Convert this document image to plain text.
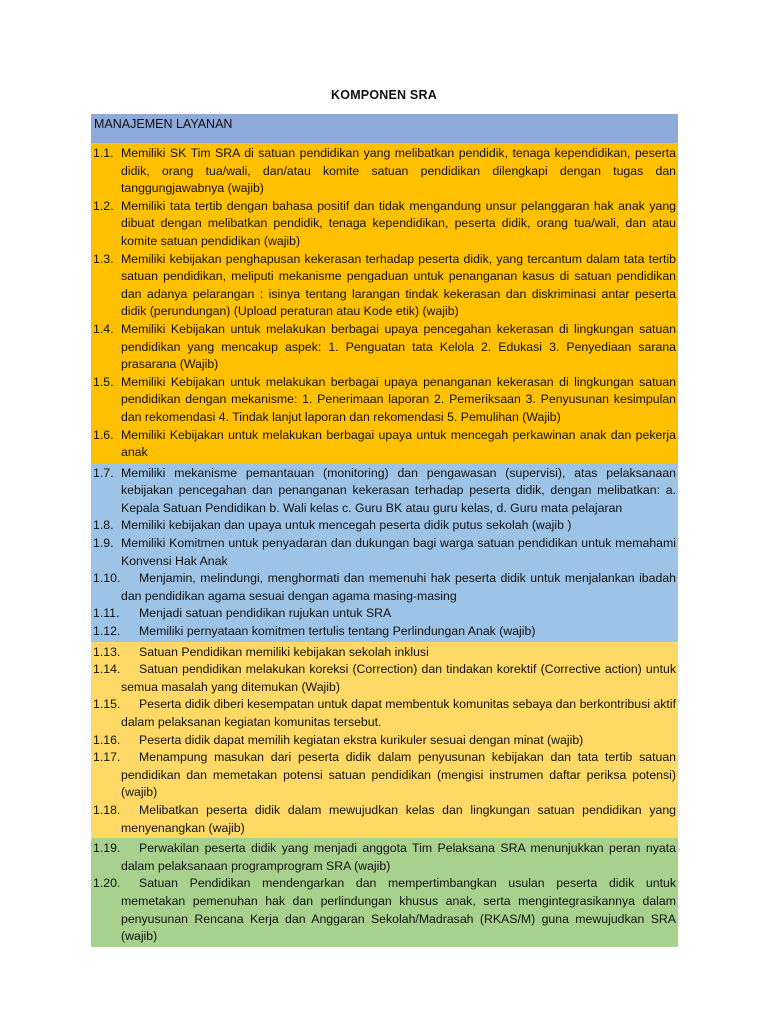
KOMPONEN SRA
MANAJEMEN LAYANAN
1.1. Memiliki SK Tim SRA di satuan pendidikan yang melibatkan pendidik, tenaga kependidikan, peserta didik, orang tua/wali, dan/atau komite satuan pendidikan dilengkapi dengan tugas dan tanggungjawabnya (wajib)
1.2. Memiliki tata tertib dengan bahasa positif dan tidak mengandung unsur pelanggaran hak anak yang dibuat dengan melibatkan pendidik, tenaga kependidikan, peserta didik, orang tua/wali, dan atau komite satuan pendidikan (wajib)
1.3. Memiliki kebijakan penghapusan kekerasan terhadap peserta didik, yang tercantum dalam tata tertib satuan pendidikan, meliputi mekanisme pengaduan untuk penanganan kasus di satuan pendidikan dan adanya pelarangan : isinya tentang larangan tindak kekerasan dan diskriminasi antar peserta didik (perundungan) (Upload peraturan atau Kode etik) (wajib)
1.4. Memiliki Kebijakan untuk melakukan berbagai upaya pencegahan kekerasan di lingkungan satuan pendidikan yang mencakup aspek: 1. Penguatan tata Kelola 2. Edukasi 3. Penyediaan sarana prasarana (Wajib)
1.5. Memiliki Kebijakan untuk melakukan berbagai upaya penanganan kekerasan di lingkungan satuan pendidikan dengan mekanisme: 1. Penerimaan laporan 2. Pemeriksaan 3. Penyusunan kesimpulan dan rekomendasi 4. Tindak lanjut laporan dan rekomendasi 5. Pemulihan (Wajib)
1.6. Memiliki Kebijakan untuk melakukan berbagai upaya untuk mencegah perkawinan anak dan pekerja anak
1.7. Memiliki mekanisme pemantauan (monitoring) dan pengawasan (supervisi), atas pelaksanaan kebijakan pencegahan dan penanganan kekerasan terhadap peserta didik, dengan melibatkan: a. Kepala Satuan Pendidikan b. Wali kelas c. Guru BK atau guru kelas, d. Guru mata pelajaran
1.8. Memiliki kebijakan dan upaya untuk mencegah peserta didik putus sekolah (wajib )
1.9. Memiliki Komitmen untuk penyadaran dan dukungan bagi warga satuan pendidikan untuk memahami Konvensi Hak Anak
1.10.	Menjamin, melindungi, menghormati dan memenuhi hak peserta didik untuk menjalankan ibadah dan pendidikan agama sesuai dengan agama masing-masing
1.11.	Menjadi satuan pendidikan rujukan untuk SRA
1.12.	Memiliki pernyataan komitmen tertulis tentang Perlindungan Anak (wajib)
1.13.	Satuan Pendidikan memiliki kebijakan sekolah inklusi
1.14.	Satuan pendidikan melakukan koreksi (Correction) dan tindakan korektif (Corrective action) untuk semua masalah yang ditemukan (Wajib)
1.15.	Peserta didik diberi kesempatan untuk dapat membentuk komunitas sebaya dan berkontribusi aktif dalam pelaksanan kegiatan komunitas tersebut.
1.16.	Peserta didik dapat memilih kegiatan ekstra kurikuler sesuai dengan minat (wajib)
1.17.	Menampung masukan dari peserta didik dalam penyusunan kebijakan dan tata tertib satuan pendidikan dan memetakan potensi satuan pendidikan (mengisi instrumen daftar periksa potensi) (wajib)
1.18.	Melibatkan peserta didik dalam mewujudkan kelas dan lingkungan satuan pendidikan yang menyenangkan (wajib)
1.19.	Perwakilan peserta didik yang menjadi anggota Tim Pelaksana SRA menunjukkan peran nyata dalam pelaksanaan programprogram SRA (wajib)
1.20.	Satuan Pendidikan mendengarkan dan mempertimbangkan usulan peserta didik untuk memetakan pemenuhan hak dan perlindungan khusus anak, serta mengintegrasikannya dalam penyusunan Rencana Kerja dan Anggaran Sekolah/Madrasah (RKAS/M) guna mewujudkan SRA (wajib)
